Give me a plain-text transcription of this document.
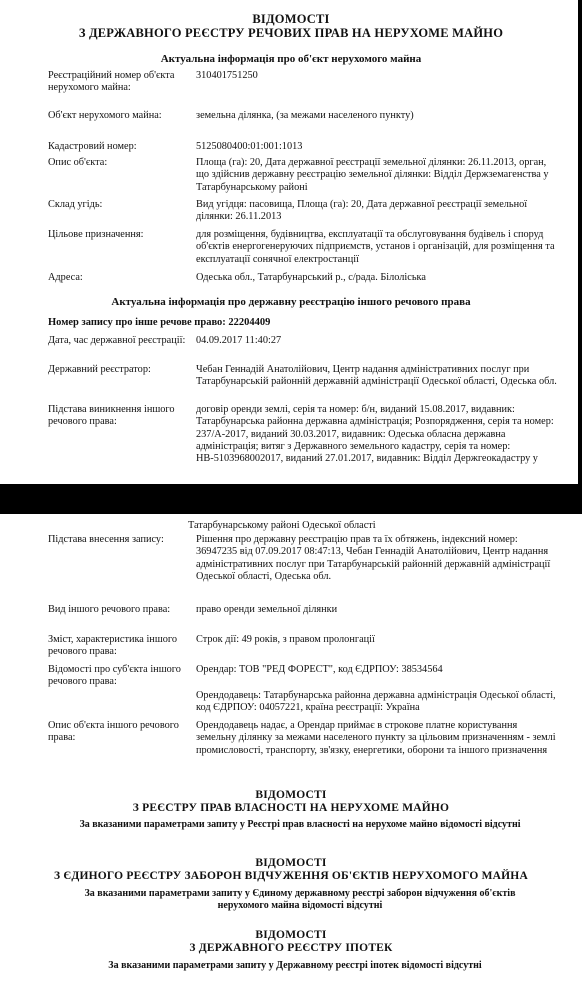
ВІДОМОСТІ
З ДЕРЖАВНОГО РЕЄСТРУ РЕЧОВИХ ПРАВ НА НЕРУХОМЕ МАЙНО
Актуальна інформація про об'єкт нерухомого майна
Реєстраційний номер об'єкта нерухомого майна:
310401751250
Об'єкт нерухомого майна:	земельна ділянка, (за межами населеного пункту)
Кадастровий номер:	5125080400:01:001:1013
Опис об'єкта:	Площа (га): 20, Дата державної реєстрації земельної ділянки: 26.11.2013, орган, що здійснив державну реєстрацію земельної ділянки: Відділ Держземагенства у Татарбунарському районі
Склад угідь:	Вид угідця: пасовища, Площа (га): 20, Дата державної реєстрації земельної ділянки: 26.11.2013
Цільове призначення:	для розміщення, будівництва, експлуатації та обслуговування будівель і споруд об'єктів енергогенеруючих підприємств, установ і організацій, для розміщення та експлуатації сонячної електростанції
Адреса:	Одеська обл., Татарбунарський р., с/рада. Білоліська
Актуальна інформація про державну реєстрацію іншого речового права
Номер запису про інше речове право: 22204409
Дата, час державної реєстрації:	04.09.2017 11:40:27
Державний реєстратор:	Чебан Геннадій Анатолійович, Центр надання адміністративних послуг при Татарбунарській районній державній адміністрації Одеської області, Одеська обл.
Підстава виникнення іншого речового права:
договір оренди землі, серія та номер: б/н, виданий 15.08.2017, видавник: Татарбунарська районна державна адміністрація; Розпорядження, серія та номер: 237/А-2017, виданий 30.03.2017, видавник: Одеська обласна державна адміністрація; витяг з Державного земельного кадастру, серія та номер: НВ-5103968002017, виданий 27.01.2017, видавник: Відділ Держгеокадастру у
Татарбунарському районі Одеської області
Підстава внесення запису:	Рішення про державну реєстрацію прав та їх обтяжень, індексний номер: 36947235 від 07.09.2017 08:47:13, Чебан Геннадій Анатолійович, Центр надання адміністративних послуг при Татарбунарській районній державній адміністрації Одеської області, Одеська обл.
Вид іншого речового права:	право оренди земельної ділянки
Зміст, характеристика іншого речового права:
Строк дії: 49 років, з правом пролонгації
Відомості про суб'єкта іншого речового права:
Орендар: ТОВ "РЕД ФОРЕСТ", код ЄДРПОУ: 38534564
Орендодавець: Татарбунарська районна державна адміністрація Одеської області, код ЄДРПОУ: 04057221, країна реєстрації: Україна
Опис об'єкта іншого речового права:
Орендодавець надає, а Орендар приймає в строкове платне користування земельну ділянку за межами населеного пункту за цільовим призначенням - землі промисловості, транспорту, зв'язку, енергетики, оборони та іншого призначення
ВІДОМОСТІ
З РЕЄСТРУ ПРАВ ВЛАСНОСТІ НА НЕРУХОМЕ МАЙНО
За вказаними параметрами запиту у Реєстрі прав власності на нерухоме майно відомості відсутні
ВІДОМОСТІ
З ЄДИНОГО РЕЄСТРУ ЗАБОРОН ВІДЧУЖЕННЯ ОБ'ЄКТІВ НЕРУХОМОГО МАЙНА
За вказаними параметрами запиту у Єдиному державному реєстрі заборон відчуження об'єктів нерухомого майна відомості відсутні
ВІДОМОСТІ
З ДЕРЖАВНОГО РЕЄСТРУ ІПОТЕК
За вказаними параметрами запиту у Державному реєстрі іпотек відомості відсутні
